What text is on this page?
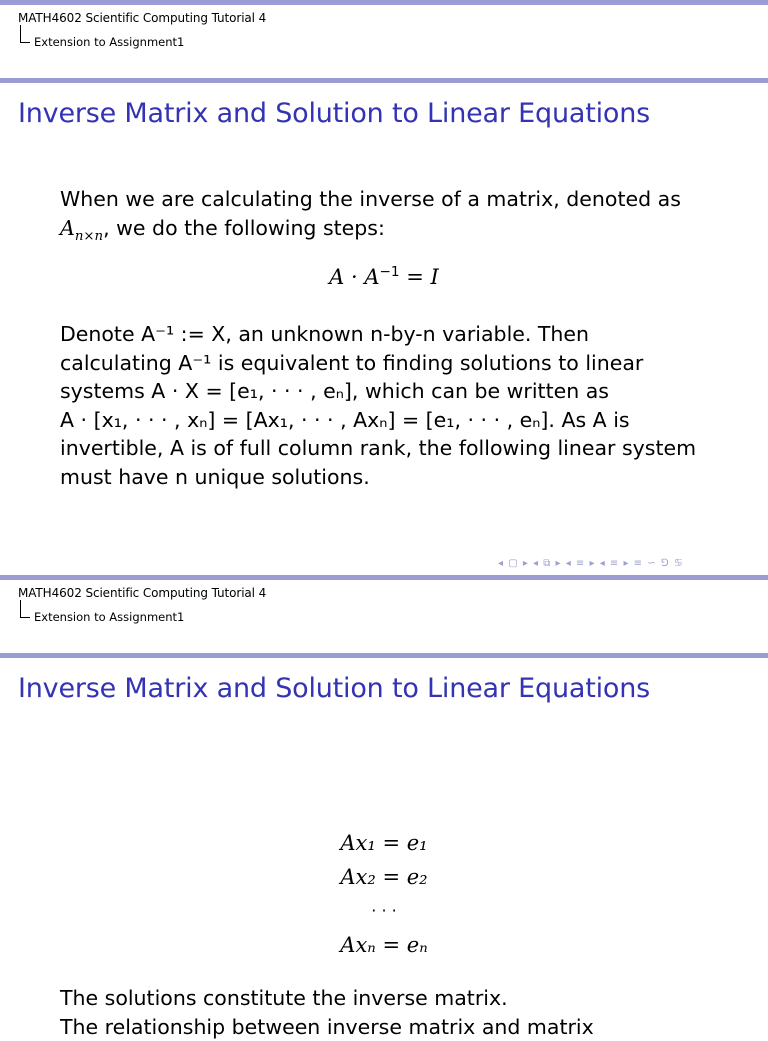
MATH4602 Scientific Computing Tutorial 4
Extension to Assignment1
Inverse Matrix and Solution to Linear Equations
When we are calculating the inverse of a matrix, denoted as
$A_{n\times n}$, we do the following steps:
$A \cdot A^{-1} = I$
Denote A⁻¹ := X, an unknown n-by-n variable. Then
calculating A⁻¹ is equivalent to finding solutions to linear
systems A · X = [e₁, · · · , eₙ], which can be written as
A · [x₁, · · · , xₙ] = [Ax₁, · · · , Axₙ] = [e₁, · · · , eₙ]. As A is
invertible, A is of full column rank, the following linear system
must have n unique solutions.
◂ ▢ ▸ ◂ ⧉ ▸ ◂ ≡ ▸ ◂ ≡ ▸ ≡ ∽ ⅁ ♋
MATH4602 Scientific Computing Tutorial 4
Extension to Assignment1
Inverse Matrix and Solution to Linear Equations
Ax₁ = e₁
Ax₂ = e₂
· · ·
Axₙ = eₙ
The solutions constitute the inverse matrix.
The relationship between inverse matrix and matrix
